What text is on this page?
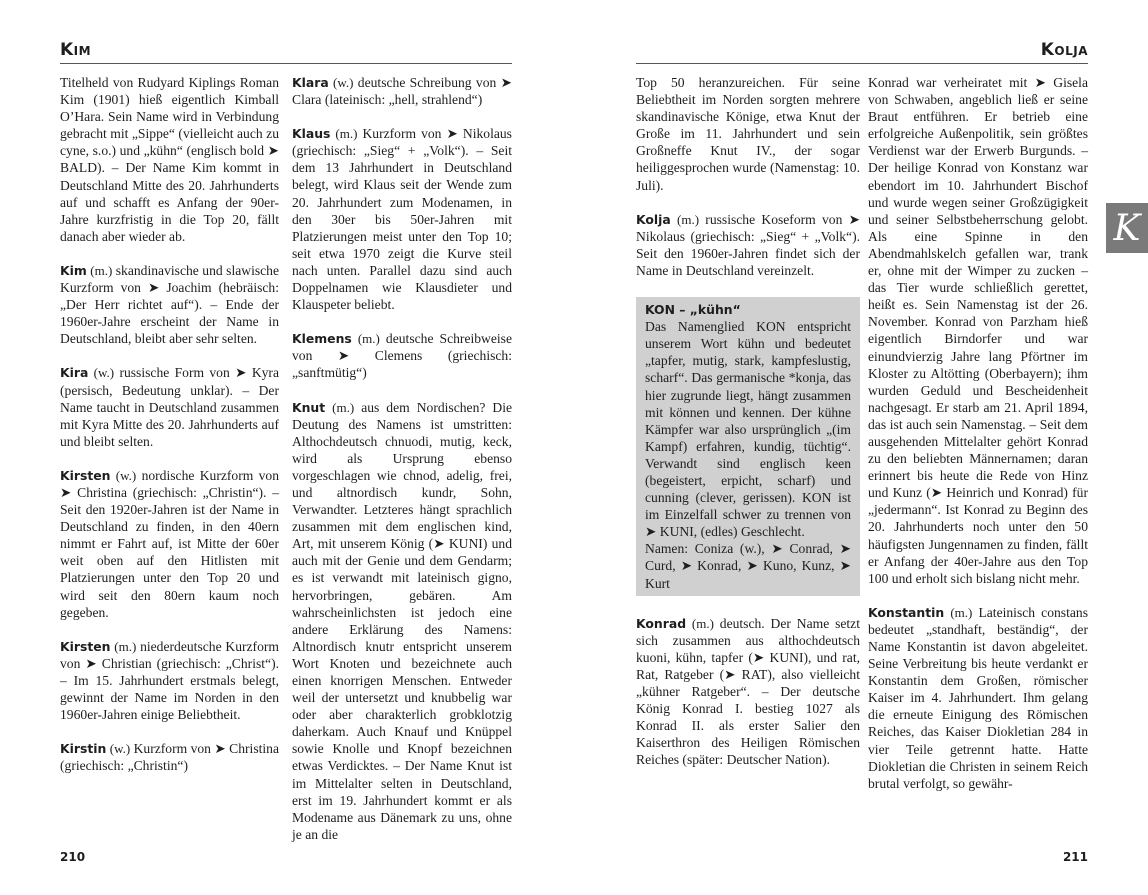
Kim
Titelheld von Rudyard Kiplings Roman Kim (1901) hieß eigentlich Kimball O’Hara. Sein Name wird in Verbindung gebracht mit „Sippe“ (vielleicht auch zu cyne, s.o.) und „kühn“ (englisch bold ➤ BALD). – Der Name Kim kommt in Deutschland Mitte des 20. Jahrhunderts auf und schafft es Anfang der 90er-Jahre kurzfristig in die Top 20, fällt danach aber wieder ab.
Kim (m.) skandinavische und slawische Kurzform von ➤ Joachim (hebräisch: „Der Herr richtet auf“). – Ende der 1960er-Jahre erscheint der Name in Deutschland, bleibt aber sehr selten.
Kira (w.) russische Form von ➤ Kyra (persisch, Bedeutung unklar). – Der Name taucht in Deutschland zusammen mit Kyra Mitte des 20. Jahrhunderts auf und bleibt selten.
Kirsten (w.) nordische Kurzform von ➤ Christina (griechisch: „Christin“). – Seit den 1920er-Jahren ist der Name in Deutschland zu finden, in den 40ern nimmt er Fahrt auf, ist Mitte der 60er weit oben auf den Hitlisten mit Platzierungen unter den Top 20 und wird seit den 80ern kaum noch gegeben.
Kirsten (m.) niederdeutsche Kurzform von ➤ Christian (griechisch: „Christ“). – Im 15. Jahrhundert erstmals belegt, gewinnt der Name im Norden in den 1960er-Jahren einige Beliebtheit.
Kirstin (w.) Kurzform von ➤ Christina (griechisch: „Christin“)
Klara (w.) deutsche Schreibung von ➤ Clara (lateinisch: „hell, strahlend“)
Klaus (m.) Kurzform von ➤ Nikolaus (griechisch: „Sieg“ + „Volk“). – Seit dem 13 Jahrhundert in Deutschland belegt, wird Klaus seit der Wende zum 20. Jahrhundert zum Modenamen, in den 30er bis 50er-Jahren mit Platzierungen meist unter den Top 10; seit etwa 1970 zeigt die Kurve steil nach unten. Parallel dazu sind auch Doppelnamen wie Klausdieter und Klauspeter beliebt.
Klemens (m.) deutsche Schreibweise von ➤ Clemens (griechisch: „sanftmütig“)
Knut (m.) aus dem Nordischen? Die Deutung des Namens ist umstritten: Althochdeutsch chnuodi, mutig, keck, wird als Ursprung ebenso vorgeschlagen wie chnod, adelig, frei, und altnordisch kundr, Sohn, Verwandter. Letzteres hängt sprachlich zusammen mit dem englischen kind, Art, mit unserem König (➤ KUNI) und auch mit der Genie und dem Gendarm; es ist verwandt mit lateinisch gigno, hervorbringen, gebären. Am wahrscheinlichsten ist jedoch eine andere Erklärung des Namens: Altnordisch knutr entspricht unserem Wort Knoten und bezeichnete auch einen knorrigen Menschen. Entweder weil der untersetzt und knubbelig war oder aber charakterlich grobklotzig daherkam. Auch Knauf und Knüppel sowie Knolle und Knopf bezeichnen etwas Verdicktes. – Der Name Knut ist im Mittelalter selten in Deutschland, erst im 19. Jahrhundert kommt er als Modename aus Dänemark zu uns, ohne je an die
210
Kolja
Top 50 heranzureichen. Für seine Beliebtheit im Norden sorgten mehrere skandinavische Könige, etwa Knut der Große im 11. Jahrhundert und sein Großneffe Knut IV., der sogar heiliggesprochen wurde (Namenstag: 10. Juli).
Kolja (m.) russische Koseform von ➤ Nikolaus (griechisch: „Sieg“ + „Volk“). Seit den 1960er-Jahren findet sich der Name in Deutschland vereinzelt.
KON – „kühn“
Das Namenglied KON entspricht unserem Wort kühn und bedeutet „tapfer, mutig, stark, kampfeslustig, scharf“. Das germanische *konja, das hier zugrunde liegt, hängt zusammen mit können und kennen. Der kühne Kämpfer war also ursprünglich „(im Kampf) erfahren, kundig, tüchtig“. Verwandt sind englisch keen (begeistert, erpicht, scharf) und cunning (clever, gerissen). KON ist im Einzelfall schwer zu trennen von ➤ KUNI, (edles) Geschlecht.
Namen: Coniza (w.), ➤ Conrad, ➤ Curd, ➤ Konrad, ➤ Kuno, Kunz, ➤ Kurt
Konrad (m.) deutsch. Der Name setzt sich zusammen aus althochdeutsch kuoni, kühn, tapfer (➤ KUNI), und rat, Rat, Ratgeber (➤ RAT), also vielleicht „kühner Ratgeber“. – Der deutsche König Konrad I. bestieg 1027 als Konrad II. als erster Salier den Kaiserthron des Heiligen Römischen Reiches (später: Deutscher Nation).
Konrad war verheiratet mit ➤ Gisela von Schwaben, angeblich ließ er seine Braut entführen. Er betrieb eine erfolgreiche Außenpolitik, sein größtes Verdienst war der Erwerb Burgunds. – Der heilige Konrad von Konstanz war ebendort im 10. Jahrhundert Bischof und wurde wegen seiner Großzügigkeit und seiner Selbstbeherrschung gelobt. Als eine Spinne in den Abendmahlskelch gefallen war, trank er, ohne mit der Wimper zu zucken – das Tier wurde schließlich gerettet, heißt es. Sein Namenstag ist der 26. November. Konrad von Parzham hieß eigentlich Birndorfer und war einundvierzig Jahre lang Pförtner im Kloster zu Altötting (Oberbayern); ihm wurden Geduld und Bescheidenheit nachgesagt. Er starb am 21. April 1894, das ist auch sein Namenstag. – Seit dem ausgehenden Mittelalter gehört Konrad zu den beliebten Männernamen; daran erinnert bis heute die Rede von Hinz und Kunz (➤ Heinrich und Konrad) für „jedermann“. Ist Konrad zu Beginn des 20. Jahrhunderts noch unter den 50 häufigsten Jungennamen zu finden, fällt er Anfang der 40er-Jahre aus den Top 100 und erholt sich bislang nicht mehr.
Konstantin (m.) Lateinisch constans bedeutet „standhaft, beständig“, der Name Konstantin ist davon abgeleitet. Seine Verbreitung bis heute verdankt er Konstantin dem Großen, römischer Kaiser im 4. Jahrhundert. Ihm gelang die erneute Einigung des Römischen Reiches, das Kaiser Diokletian 284 in vier Teile getrennt hatte. Hatte Diokletian die Christen in seinem Reich brutal verfolgt, so gewähr-
K
211
